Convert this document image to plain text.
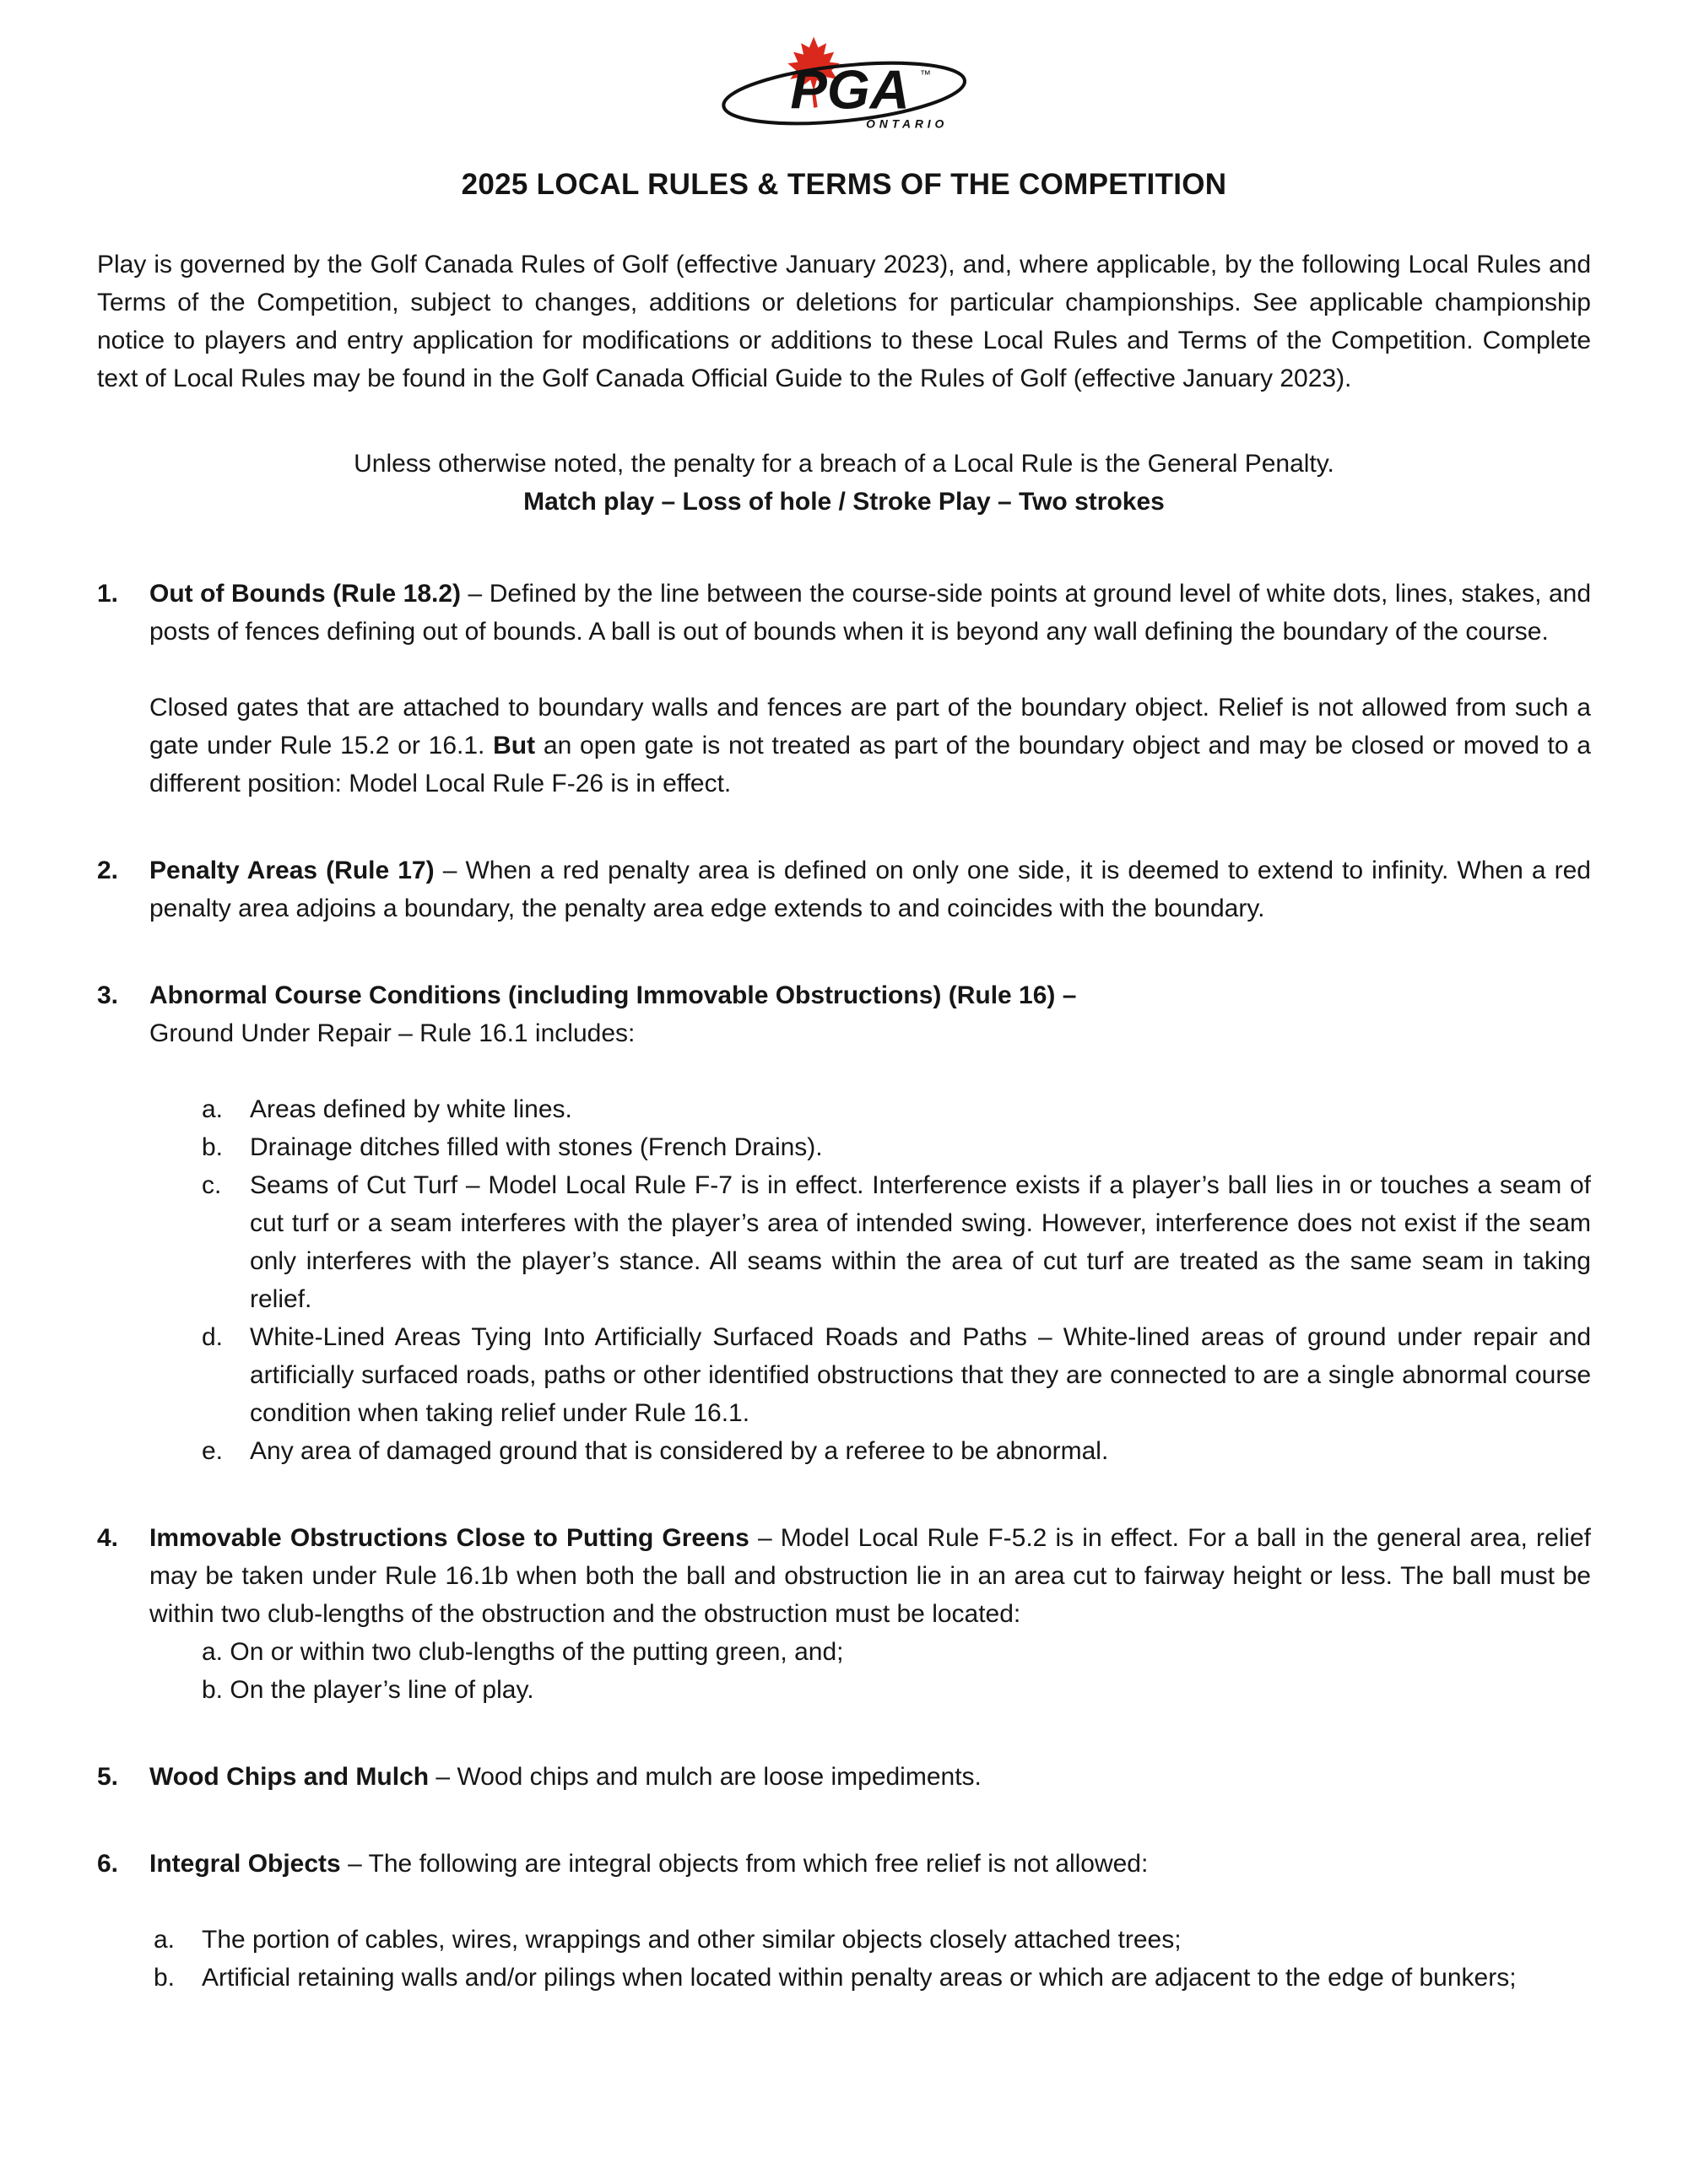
PGA ™
ONTARIO
2025 LOCAL RULES & TERMS OF THE COMPETITION

Play is governed by the Golf Canada Rules of Golf (effective January 2023), and, where applicable, by the following Local Rules and Terms of the Competition, subject to changes, additions or deletions for particular championships. See applicable championship notice to players and entry application for modifications or additions to these Local Rules and Terms of the Competition. Complete text of Local Rules may be found in the Golf Canada Official Guide to the Rules of Golf (effective January 2023).

Unless otherwise noted, the penalty for a breach of a Local Rule is the General Penalty.
Match play – Loss of hole / Stroke Play – Two strokes
1.	Out of Bounds (Rule 18.2) – Defined by the line between the course-side points at ground level of white dots, lines, stakes, and posts of fences defining out of bounds. A ball is out of bounds when it is beyond any wall defining the boundary of the course.
Closed gates that are attached to boundary walls and fences are part of the boundary object. Relief is not allowed from such a gate under Rule 15.2 or 16.1. But an open gate is not treated as part of the boundary object and may be closed or moved to a different position: Model Local Rule F-26 is in effect.
2.	Penalty Areas (Rule 17) – When a red penalty area is defined on only one side, it is deemed to extend to infinity. When a red penalty area adjoins a boundary, the penalty area edge extends to and coincides with the boundary.
3.	Abnormal Course Conditions (including Immovable Obstructions) (Rule 16) –
Ground Under Repair – Rule 16.1 includes:
a.	Areas defined by white lines.
b.	Drainage ditches filled with stones (French Drains).
c.	Seams of Cut Turf – Model Local Rule F-7 is in effect. Interference exists if a player’s ball lies in or touches a seam of cut turf or a seam interferes with the player’s area of intended swing. However, interference does not exist if the seam only interferes with the player’s stance. All seams within the area of cut turf are treated as the same seam in taking relief.
d.	White-Lined Areas Tying Into Artificially Surfaced Roads and Paths – White-lined areas of ground under repair and artificially surfaced roads, paths or other identified obstructions that they are connected to are a single abnormal course condition when taking relief under Rule 16.1.
e.	Any area of damaged ground that is considered by a referee to be abnormal.
4.	Immovable Obstructions Close to Putting Greens – Model Local Rule F-5.2 is in effect. For a ball in the general area, relief may be taken under Rule 16.1b when both the ball and obstruction lie in an area cut to fairway height or less. The ball must be within two club-lengths of the obstruction and the obstruction must be located:
a. On or within two club-lengths of the putting green, and;
b. On the player’s line of play.
5.	Wood Chips and Mulch – Wood chips and mulch are loose impediments.
6.	Integral Objects – The following are integral objects from which free relief is not allowed:
a.	The portion of cables, wires, wrappings and other similar objects closely attached trees;
b.	Artificial retaining walls and/or pilings when located within penalty areas or which are adjacent to the edge of bunkers;
